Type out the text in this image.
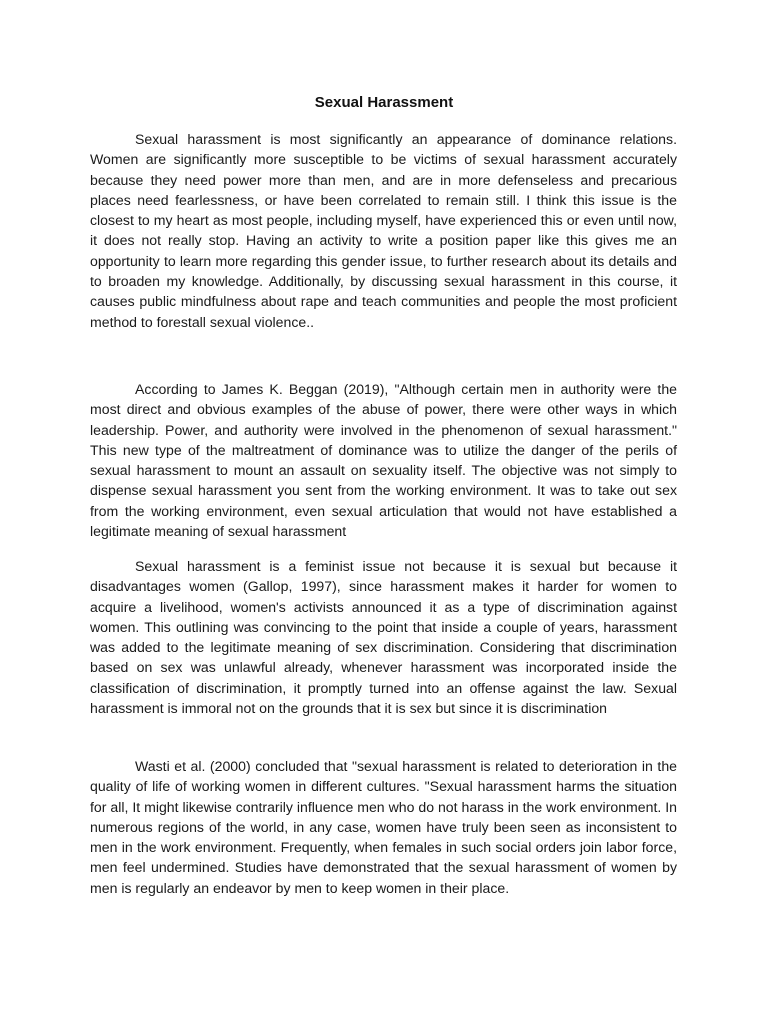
Sexual Harassment

Sexual harassment is most significantly an appearance of dominance relations. Women are significantly more susceptible to be victims of sexual harassment accurately because they need power more than men, and are in more defenseless and precarious places need fearlessness, or have been correlated to remain still. I think this issue is the closest to my heart as most people, including myself, have experienced this or even until now, it does not really stop. Having an activity to write a position paper like this gives me an opportunity to learn more regarding this gender issue, to further research about its details and to broaden my knowledge. Additionally, by discussing sexual harassment in this course, it causes public mindfulness about rape and teach communities and people the most proficient method to forestall sexual violence..

According to James K. Beggan (2019), "Although certain men in authority were the most direct and obvious examples of the abuse of power, there were other ways in which leadership. Power, and authority were involved in the phenomenon of sexual harassment." This new type of the maltreatment of dominance was to utilize the danger of the perils of sexual harassment to mount an assault on sexuality itself. The objective was not simply to dispense sexual harassment you sent from the working environment. It was to take out sex from the working environment, even sexual articulation that would not have established a legitimate meaning of sexual harassment

Sexual harassment is a feminist issue not because it is sexual but because it disadvantages women (Gallop, 1997), since harassment makes it harder for women to acquire a livelihood, women's activists announced it as a type of discrimination against women. This outlining was convincing to the point that inside a couple of years, harassment was added to the legitimate meaning of sex discrimination. Considering that discrimination based on sex was unlawful already, whenever harassment was incorporated inside the classification of discrimination, it promptly turned into an offense against the law. Sexual harassment is immoral not on the grounds that it is sex but since it is discrimination

Wasti et al. (2000) concluded that "sexual harassment is related to deterioration in the quality of life of working women in different cultures. "Sexual harassment harms the situation for all, It might likewise contrarily influence men who do not harass in the work environment. In numerous regions of the world, in any case, women have truly been seen as inconsistent to men in the work environment. Frequently, when females in such social orders join labor force, men feel undermined. Studies have demonstrated that the sexual harassment of women by men is regularly an endeavor by men to keep women in their place.
